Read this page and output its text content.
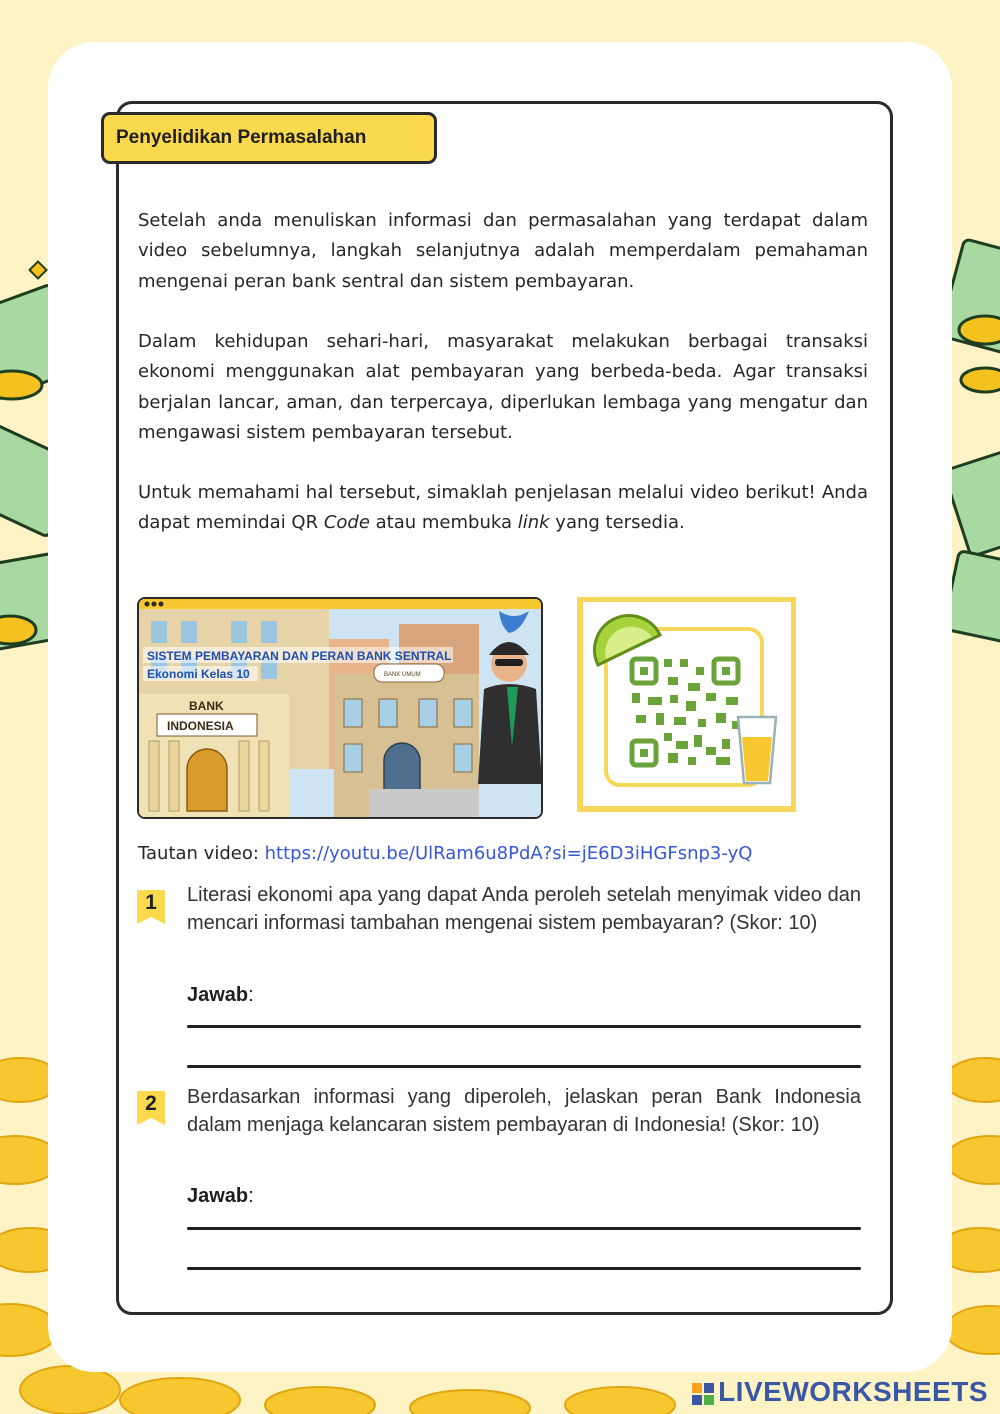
Penyelidikan Permasalahan

Setelah anda menuliskan informasi dan permasalahan yang terdapat dalam video sebelumnya, langkah selanjutnya adalah memperdalam pemahaman mengenai peran bank sentral dan sistem pembayaran.

Dalam kehidupan sehari-hari, masyarakat melakukan berbagai transaksi ekonomi menggunakan alat pembayaran yang berbeda-beda. Agar transaksi berjalan lancar, aman, dan terpercaya, diperlukan lembaga yang mengatur dan mengawasi sistem pembayaran tersebut.

Untuk memahami hal tersebut, simaklah penjelasan melalui video berikut! Anda dapat memindai QR Code atau membuka link yang tersedia.

SISTEM PEMBAYARAN DAN PERAN BANK SENTRAL
Ekonomi Kelas 10
BANK
INDONESIA
BANK UMUM
Tautan video: https://youtu.be/UlRam6u8PdA?si=jE6D3iHGFsnp3-yQ
1	Literasi ekonomi apa yang dapat Anda peroleh setelah menyimak video dan mencari informasi tambahan mengenai sistem pembayaran? (Skor: 10)

Jawab:
2	Berdasarkan informasi yang diperoleh, jelaskan peran Bank Indonesia dalam menjaga kelancaran sistem pembayaran di Indonesia! (Skor: 10)

Jawab:
LIVEWORKSHEETS
